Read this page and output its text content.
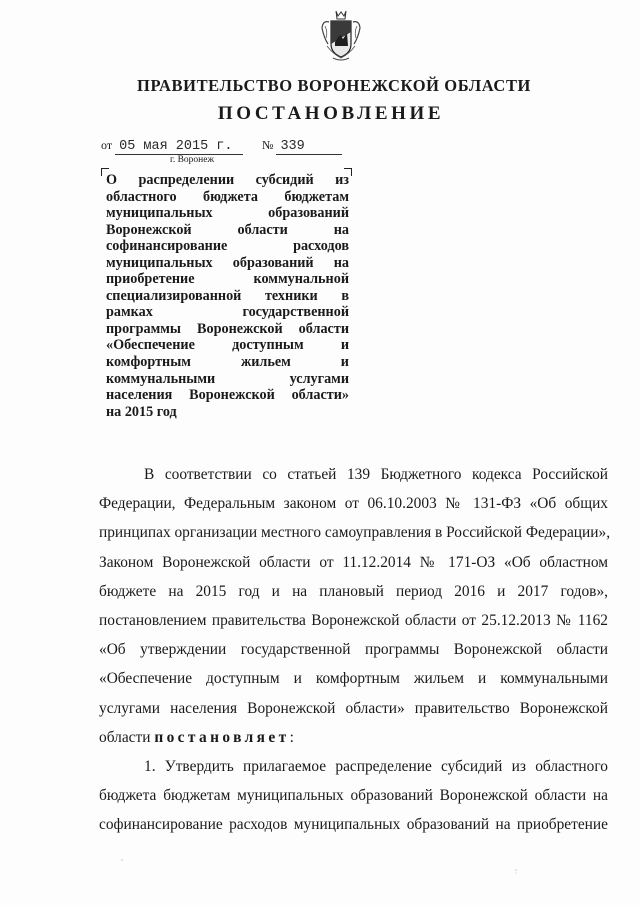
ПРАВИТЕЛЬСТВО ВОРОНЕЖСКОЙ ОБЛАСТИ
ПОСТАНОВЛЕНИЕ
от 05 мая 2015 г.	№ 339
г. Воронеж
О распределении субсидий из
областного бюджета бюджетам
муниципальных образований
Воронежской области на
софинансирование расходов
муниципальных образований на
приобретение коммунальной
специализированной техники в
рамках государственной
программы Воронежской области
«Обеспечение доступным и
комфортным жильем и
коммунальными услугами
населения Воронежской области»
на 2015 год
В соответствии со статьей 139 Бюджетного кодекса Российской
Федерации, Федеральным законом от 06.10.2003 № 131-ФЗ «Об общих
принципах организации местного самоуправления в Российской Федерации»,
Законом Воронежской области от 11.12.2014 № 171-ОЗ «Об областном
бюджете на 2015 год и на плановый период 2016 и 2017 годов»,
постановлением правительства Воронежской области от 25.12.2013 № 1162
«Об утверждении государственной программы Воронежской области
«Обеспечение доступным и комфортным жильем и коммунальными
услугами населения Воронежской области» правительство Воронежской
области постановляет:
1. Утвердить прилагаемое распределение субсидий из областного
бюджета бюджетам муниципальных образований Воронежской области на
софинансирование расходов муниципальных образований на приобретение
